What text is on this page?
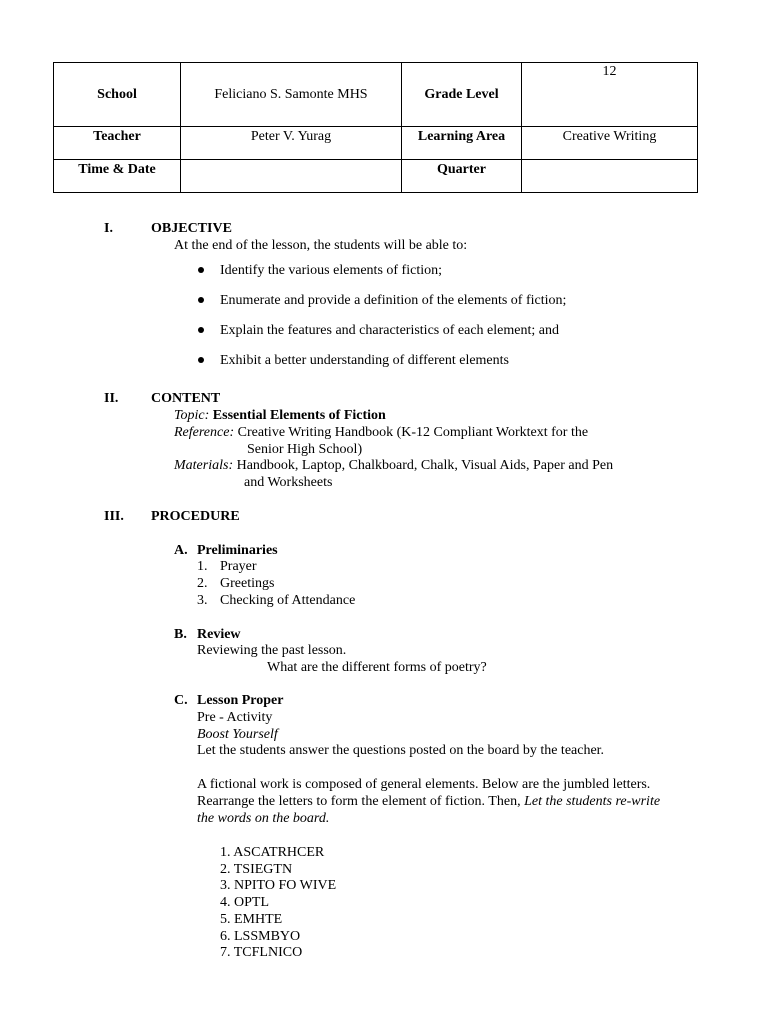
School	Feliciano S. Samonte MHS	Grade Level	12
Teacher	Peter V. Yurag	Learning Area	Creative Writing
Time & Date		Quarter	
I.	OBJECTIVE
At the end of the lesson, the students will be able to:
Identify the various elements of fiction;
Enumerate and provide a definition of the elements of fiction;
Explain the features and characteristics of each element; and
Exhibit a better understanding of different elements
II. CONTENT
Topic: Essential Elements of Fiction
Reference: Creative Writing Handbook (K-12 Compliant Worktext for the
Senior High School)
Materials: Handbook, Laptop, Chalkboard, Chalk, Visual Aids, Paper and Pen
and Worksheets
III. PROCEDURE
A. Preliminaries
1. Prayer
2. Greetings
3. Checking of Attendance
B. Review
Reviewing the past lesson.
What are the different forms of poetry?
C. Lesson Proper
Pre - Activity
Boost Yourself
Let the students answer the questions posted on the board by the teacher.
A fictional work is composed of general elements. Below are the jumbled letters.
Rearrange the letters to form the element of fiction. Then, Let the students re-write
the words on the board.
1. ASCATRHCER
2. TSIEGTN
3. NPITO FO WIVE
4. OPTL
5. EMHTE
6. LSSMBYO
7. TCFLNICO
